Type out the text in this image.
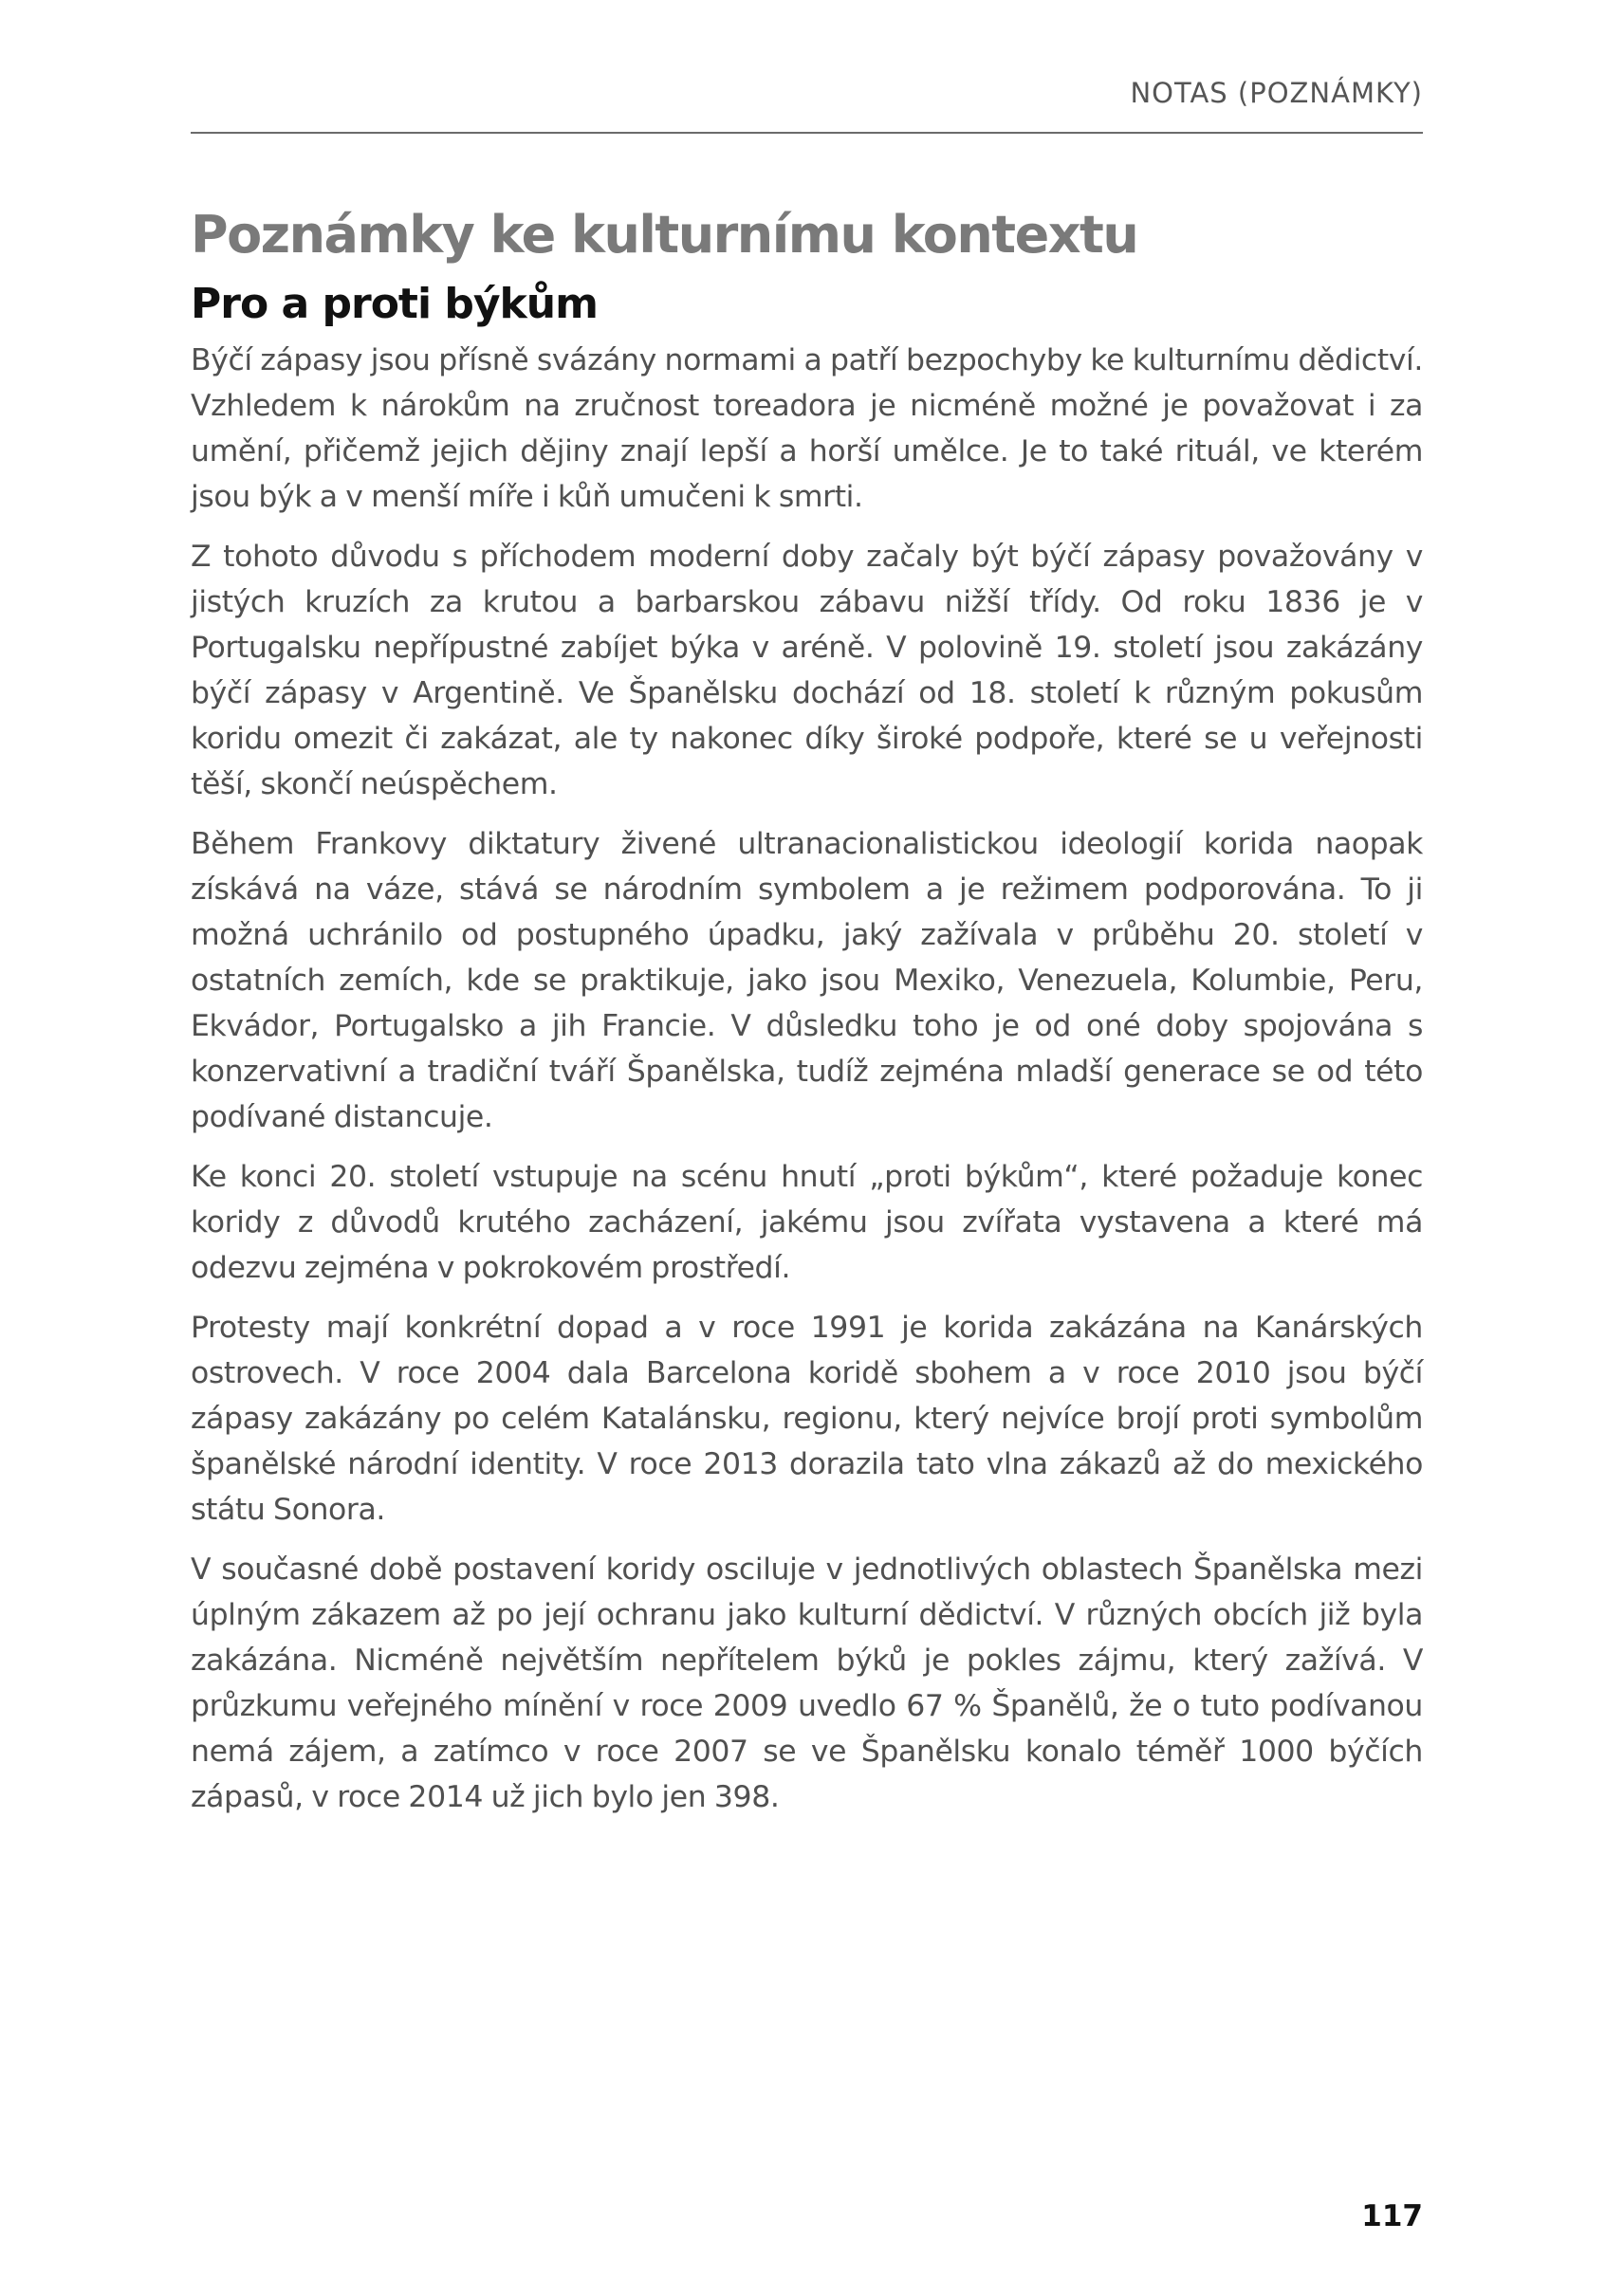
NOTAS (POZNÁMKY)
Poznámky ke kulturnímu kontextu
Pro a proti býkům

Býčí zápasy jsou přísně svázány normami a patří bezpochyby ke kulturnímu dědictví. Vzhledem k nárokům na zručnost toreadora je nicméně možné je považovat i za umění, přičemž jejich dějiny znají lepší a horší umělce. Je to také rituál, ve kterém jsou býk a v menší míře i kůň umučeni k smrti.

Z tohoto důvodu s příchodem moderní doby začaly být býčí zápasy považovány v jistých kruzích za krutou a barbarskou zábavu nižší třídy. Od roku 1836 je v Portugalsku nepřípustné zabíjet býka v aréně. V polovině 19. století jsou zakázány býčí zápasy v Argentině. Ve Španělsku dochází od 18. století k různým pokusům koridu omezit či zakázat, ale ty nakonec díky široké podpoře, které se u veřejnosti těší, skončí neúspěchem.

Během Frankovy diktatury živené ultranacionalistickou ideologií korida naopak získává na váze, stává se národním symbolem a je režimem podporována. To ji možná uchránilo od postupného úpadku, jaký zažívala v průběhu 20. století v ostatních zemích, kde se praktikuje, jako jsou Mexiko, Venezuela, Kolumbie, Peru, Ekvádor, Portugalsko a jih Francie. V důsledku toho je od oné doby spojována s konzervativní a tradiční tváří Španělska, tudíž zejména mladší generace se od této podívané distancuje.

Ke konci 20. století vstupuje na scénu hnutí „proti býkům“, které požaduje konec koridy z důvodů krutého zacházení, jakému jsou zvířata vystavena a které má odezvu zejména v pokrokovém prostředí.

Protesty mají konkrétní dopad a v roce 1991 je korida zakázána na Kanárských ostrovech. V roce 2004 dala Barcelona koridě sbohem a v roce 2010 jsou býčí zápasy zakázány po celém Katalánsku, regionu, který nejvíce brojí proti symbolům španělské národní identity. V roce 2013 dorazila tato vlna zákazů až do mexického státu Sonora.

V současné době postavení koridy osciluje v jednotlivých oblastech Španělska mezi úplným zákazem až po její ochranu jako kulturní dědictví. V různých obcích již byla zakázána. Nicméně největším nepřítelem býků je pokles zájmu, který zažívá. V průzkumu veřejného mínění v roce 2009 uvedlo 67 % Španělů, že o tuto podívanou nemá zájem, a zatímco v roce 2007 se ve Španělsku konalo téměř 1000 býčích zápasů, v roce 2014 už jich bylo jen 398.

117
